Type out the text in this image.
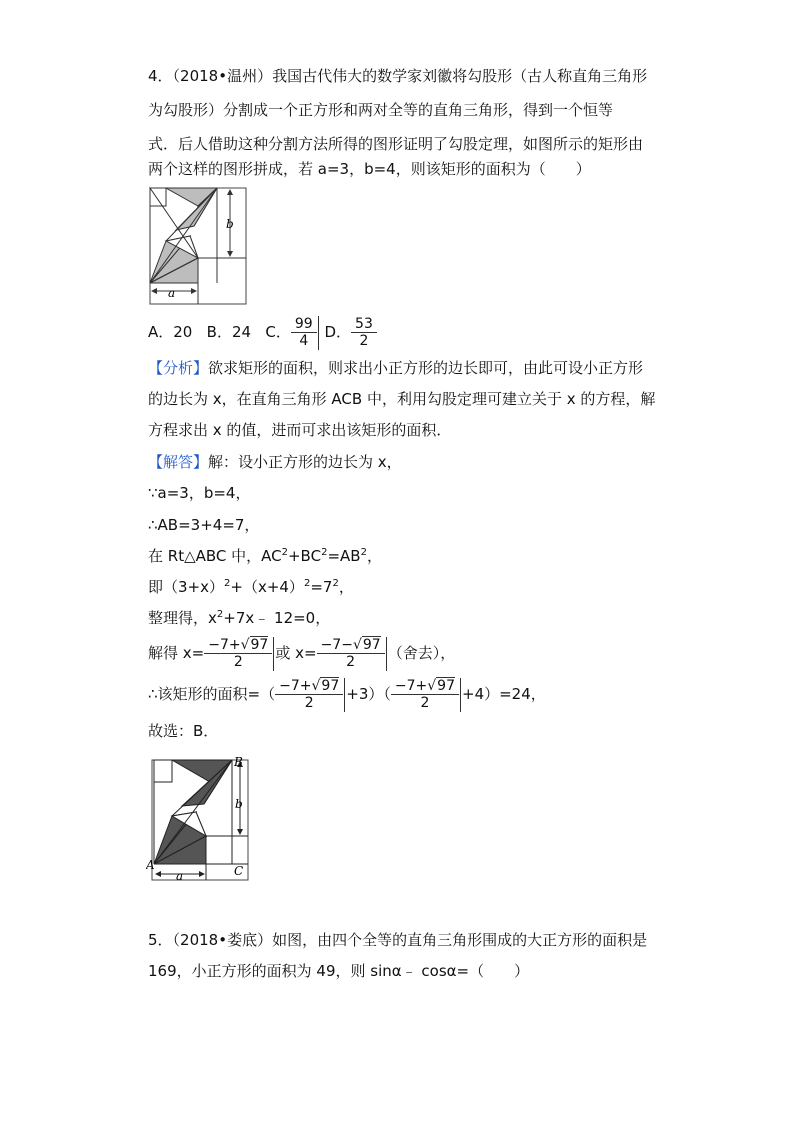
4．（2018•温州）我国古代伟大的数学家刘徽将勾股形（古人称直角三角形
为勾股形）分割成一个正方形和两对全等的直角三角形，得到一个恒等
式．后人借助这种分割方法所得的图形证明了勾股定理，如图所示的矩形由
两个这样的图形拼成，若 a=3，b=4，则该矩形的面积为（　　）
b
a
A．20 B．24 C． $\frac{99}{4}$ D． $\frac{53}{2}$
【分析】欲求矩形的面积，则求出小正方形的边长即可，由此可设小正方形
的边长为 x，在直角三角形 ACB 中，利用勾股定理可建立关于 x 的方程，解
方程求出 x 的值，进而可求出该矩形的面积．
【解答】解：设小正方形的边长为 x，
∵a=3，b=4，
∴AB=3+4=7，
在 Rt△ABC 中，$AC^2+BC^2=AB^2$，
即$(3+x)^2+(x+4)^2=7^2$，
整理得，$x^2+7x﹣$ 12=0，
解得 $x= \frac{-7+√97}{2}$ 或 $x= \frac{-7-√97}{2}$ （舍去），
∴该矩形的面积=（ $\frac{-7+√97}{2} +3)( \frac{-7+√97}{2} +4)=24$，
故选：B．
b
a
A
B
C
5．（2018•娄底）如图，由四个全等的直角三角形围成的大正方形的面积是
169，小正方形的面积为 49，则 sinα﹣ cosα=（　　）
